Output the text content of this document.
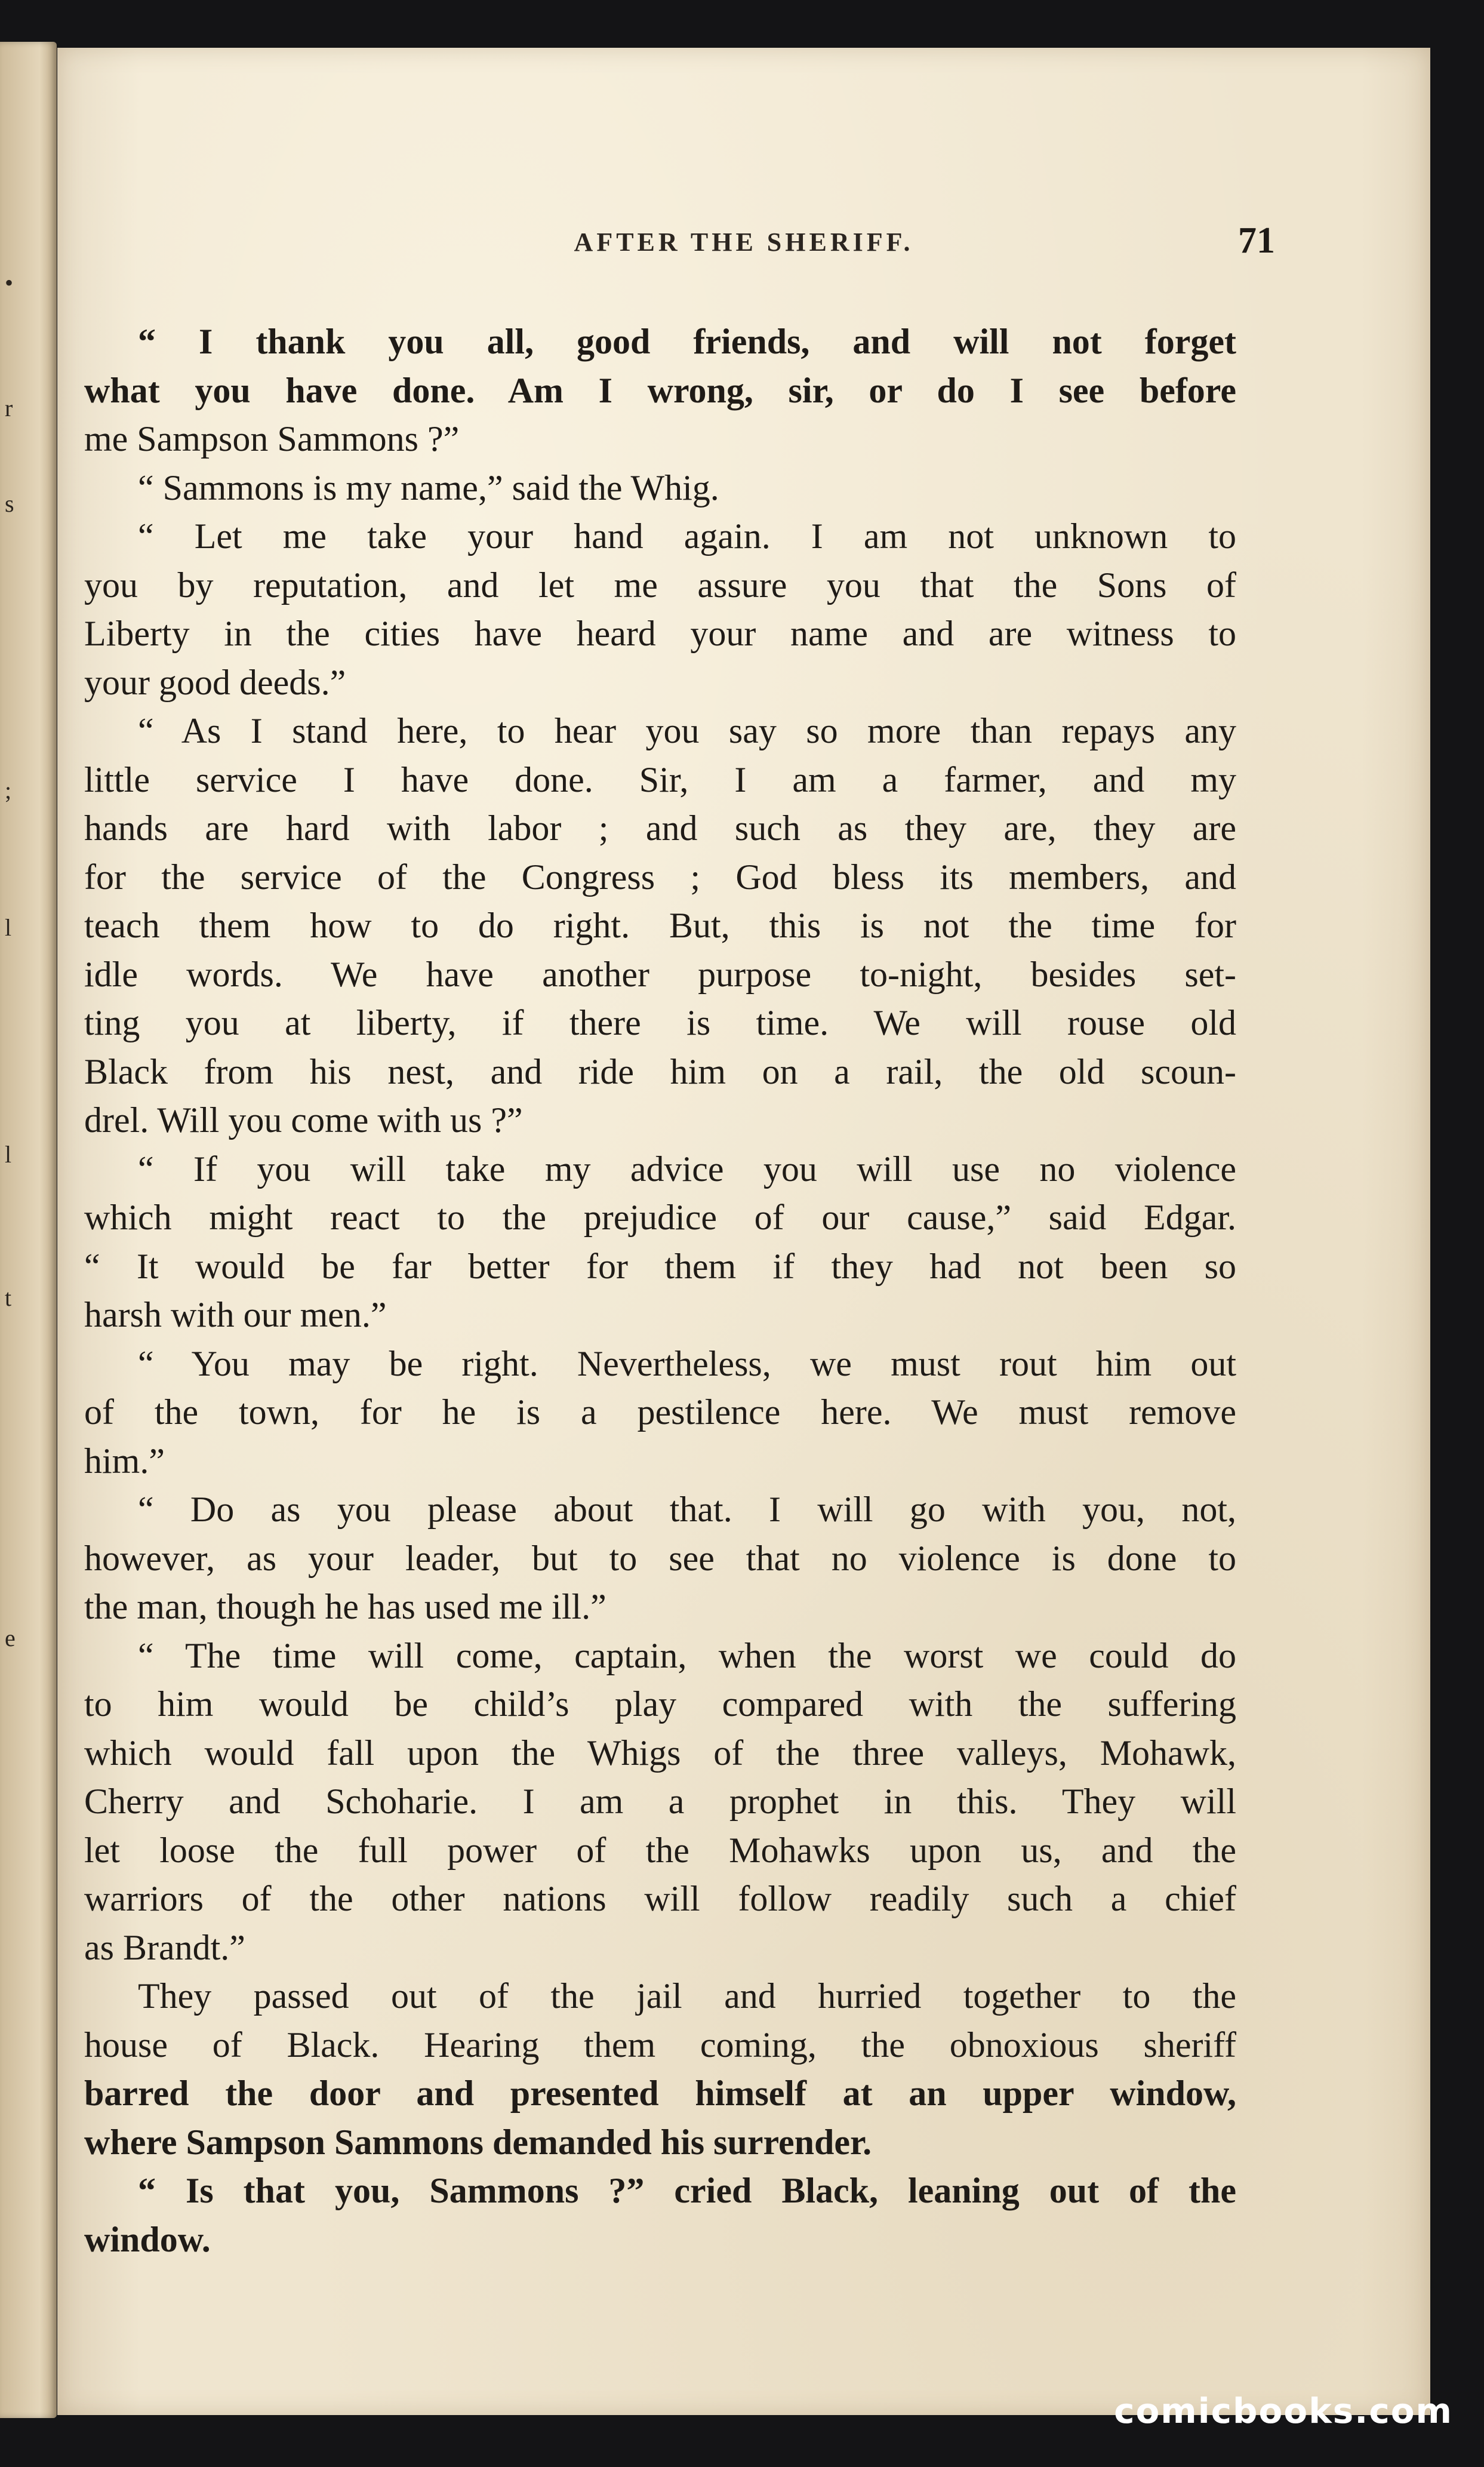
•
r
s
;
l
l
t
e
AFTER THE SHERIFF.	71
“ I thank you all, good friends, and will not forget
what you have done. Am I wrong, sir, or do I see before
me Sampson Sammons ?”
“ Sammons is my name,” said the Whig.
“ Let me take your hand again. I am not unknown to
you by reputation, and let me assure you that the Sons of
Liberty in the cities have heard your name and are witness to
your good deeds.”
“ As I stand here, to hear you say so more than repays any
little service I have done. Sir, I am a farmer, and my
hands are hard with labor ; and such as they are, they are
for the service of the Congress ; God bless its members, and
teach them how to do right. But, this is not the time for
idle words. We have another purpose to-night, besides set-
ting you at liberty, if there is time. We will rouse old
Black from his nest, and ride him on a rail, the old scoun-
drel. Will you come with us ?”
“ If you will take my advice you will use no violence
which might react to the prejudice of our cause,” said Edgar.
“ It would be far better for them if they had not been so
harsh with our men.”
“ You may be right. Nevertheless, we must rout him out
of the town, for he is a pestilence here. We must remove
him.”
“ Do as you please about that. I will go with you, not,
however, as your leader, but to see that no violence is done to
the man, though he has used me ill.”
“ The time will come, captain, when the worst we could do
to him would be child’s play compared with the suffering
which would fall upon the Whigs of the three valleys, Mohawk,
Cherry and Schoharie. I am a prophet in this. They will
let loose the full power of the Mohawks upon us, and the
warriors of the other nations will follow readily such a chief
as Brandt.”
They passed out of the jail and hurried together to the
house of Black. Hearing them coming, the obnoxious sheriff
barred the door and presented himself at an upper window,
where Sampson Sammons demanded his surrender.
“ Is that you, Sammons ?” cried Black, leaning out of the
window.
comicbooks.com
